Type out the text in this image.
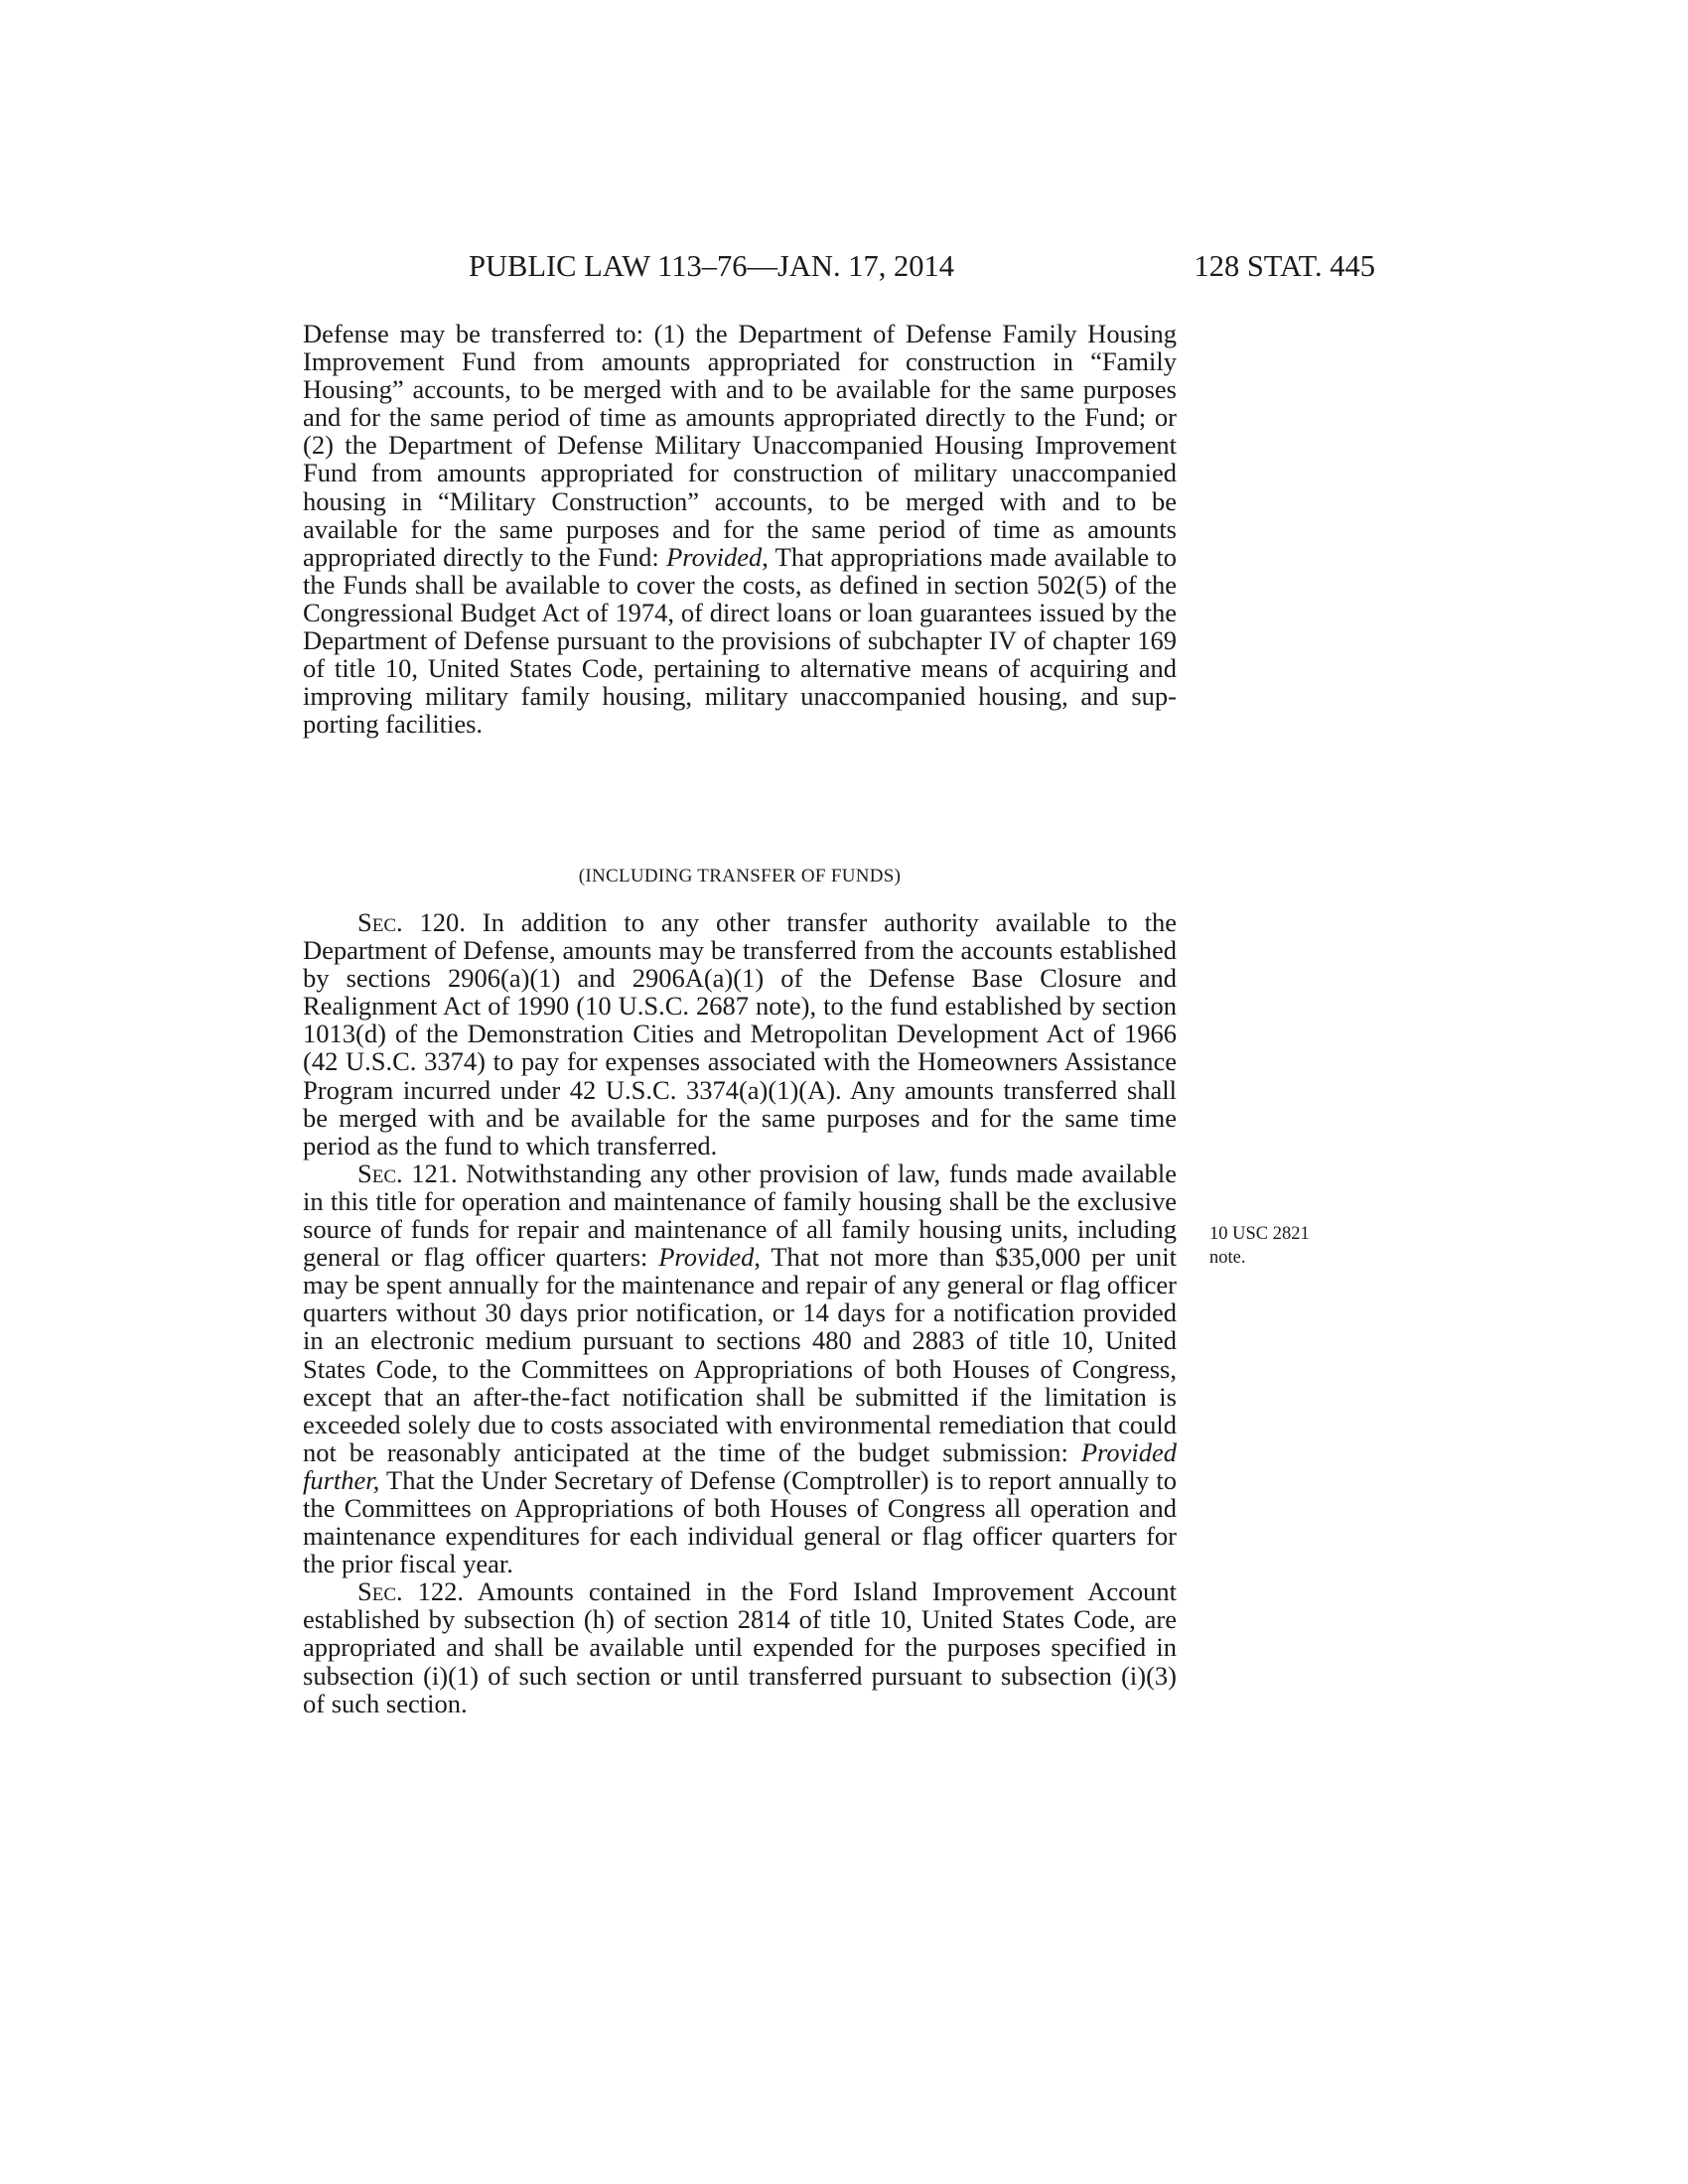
PUBLIC LAW 113–76—JAN. 17, 2014	128 STAT. 445

Defense may be transferred to: (1) the Department of Defense Family Housing Improvement Fund from amounts appropriated for construction in “Family Housing” accounts, to be merged with and to be available for the same purposes and for the same period of time as amounts appropriated directly to the Fund; or (2) the Department of Defense Military Unaccompanied Housing Improvement Fund from amounts appropriated for construction of military unaccompanied housing in “Military Construction” accounts, to be merged with and to be available for the same purposes and for the same period of time as amounts appropriated directly to the Fund: Provided, That appropriations made available to the Funds shall be available to cover the costs, as defined in section 502(5) of the Congressional Budget Act of 1974, of direct loans or loan guarantees issued by the Department of Defense pursuant to the provisions of subchapter IV of chapter 169 of title 10, United States Code, pertaining to alternative means of acquiring and improving military family housing, military unaccompanied housing, and supporting facilities.

(INCLUDING TRANSFER OF FUNDS)

Sec. 120. In addition to any other transfer authority available to the Department of Defense, amounts may be transferred from the accounts established by sections 2906(a)(1) and 2906A(a)(1) of the Defense Base Closure and Realignment Act of 1990 (10 U.S.C. 2687 note), to the fund established by section 1013(d) of the Demonstration Cities and Metropolitan Development Act of 1966 (42 U.S.C. 3374) to pay for expenses associated with the Homeowners Assistance Program incurred under 42 U.S.C. 3374(a)(1)(A). Any amounts transferred shall be merged with and be available for the same purposes and for the same time period as the fund to which transferred.

Sec. 121. Notwithstanding any other provision of law, funds made available in this title for operation and maintenance of family housing shall be the exclusive source of funds for repair and maintenance of all family housing units, including general or flag officer quarters: Provided, That not more than $35,000 per unit may be spent annually for the maintenance and repair of any general or flag officer quarters without 30 days prior notification, or 14 days for a notification provided in an electronic medium pursuant to sections 480 and 2883 of title 10, United States Code, to the Committees on Appropriations of both Houses of Congress, except that an after-the-fact notification shall be submitted if the limitation is exceeded solely due to costs associated with environmental remediation that could not be reasonably anticipated at the time of the budget submission: Provided further, That the Under Secretary of Defense (Comptroller) is to report annually to the Committees on Appropriations of both Houses of Congress all operation and maintenance expenditures for each individual general or flag officer quarters for the prior fiscal year.

Sec. 122. Amounts contained in the Ford Island Improvement Account established by subsection (h) of section 2814 of title 10, United States Code, are appropriated and shall be available until expended for the purposes specified in subsection (i)(1) of such section or until transferred pursuant to subsection (i)(3) of such section.

10 USC 2821
note.
